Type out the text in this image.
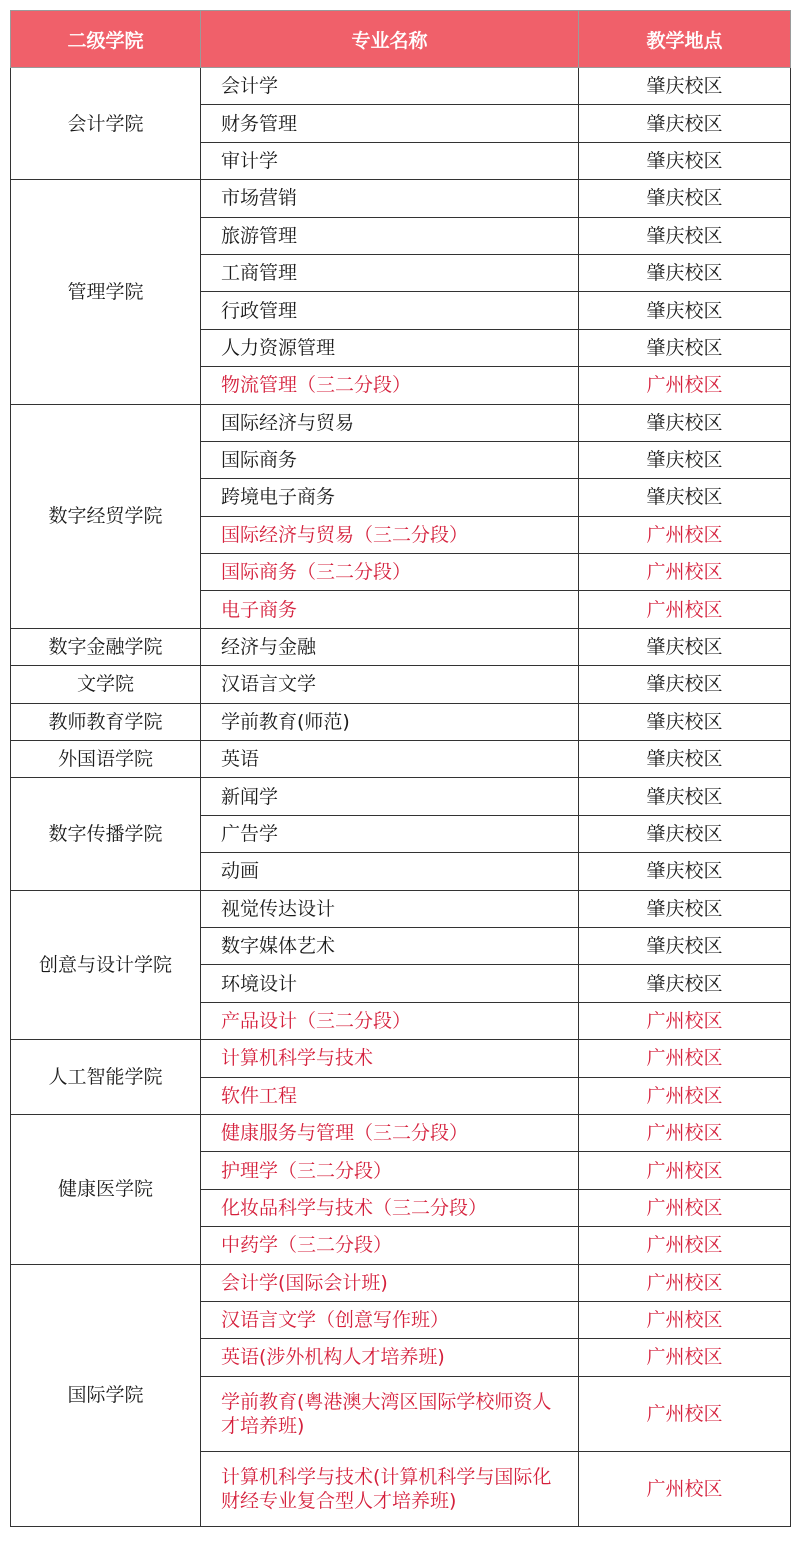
二级学院	专业名称	教学地点
会计学院	会计学	肇庆校区
	财务管理	肇庆校区
	审计学	肇庆校区
管理学院	市场营销	肇庆校区
	旅游管理	肇庆校区
	工商管理	肇庆校区
	行政管理	肇庆校区
	人力资源管理	肇庆校区
	物流管理（三二分段）	广州校区
数字经贸学院	国际经济与贸易	肇庆校区
	国际商务	肇庆校区
	跨境电子商务	肇庆校区
	国际经济与贸易（三二分段）	广州校区
	国际商务（三二分段）	广州校区
	电子商务	广州校区
数字金融学院	经济与金融	肇庆校区
文学院	汉语言文学	肇庆校区
教师教育学院	学前教育(师范)	肇庆校区
外国语学院	英语	肇庆校区
数字传播学院	新闻学	肇庆校区
	广告学	肇庆校区
	动画	肇庆校区
创意与设计学院	视觉传达设计	肇庆校区
	数字媒体艺术	肇庆校区
	环境设计	肇庆校区
	产品设计（三二分段）	广州校区
人工智能学院	计算机科学与技术	广州校区
	软件工程	广州校区
健康医学院	健康服务与管理（三二分段）	广州校区
	护理学（三二分段）	广州校区
	化妆品科学与技术（三二分段）	广州校区
	中药学（三二分段）	广州校区
国际学院	会计学(国际会计班)	广州校区
	汉语言文学（创意写作班）	广州校区
	英语(涉外机构人才培养班)	广州校区
	学前教育(粤港澳大湾区国际学校师资人才培养班)	广州校区
	计算机科学与技术(计算机科学与国际化财经专业复合型人才培养班)	广州校区
